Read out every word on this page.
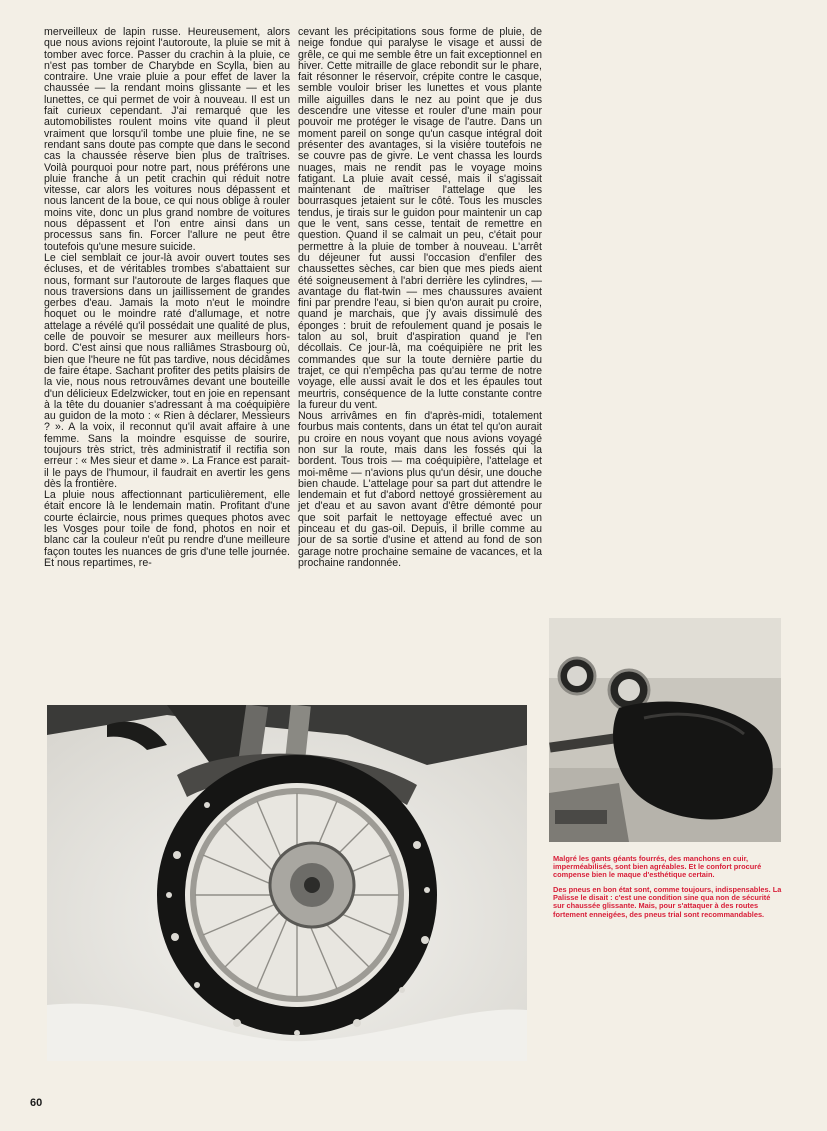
merveilleux de lapin russe. Heureusement, alors que nous avions rejoint l'autoroute, la pluie se mit à tomber avec force. Passer du crachin à la pluie, ce n'est pas tomber de Charybde en Scylla, bien au contraire. Une vraie pluie a pour effet de laver la chaussée — la rendant moins glissante — et les lunettes, ce qui permet de voir à nouveau. Il est un fait curieux cependant. J'ai remarqué que les automobilistes roulent moins vite quand il pleut vraiment que lorsqu'il tombe une pluie fine, ne se rendant sans doute pas compte que dans le second cas la chaussée réserve bien plus de traîtrises. Voilà pourquoi pour notre part, nous préférons une pluie franche à un petit crachin qui réduit notre vitesse, car alors les voitures nous dépassent et nous lancent de la boue, ce qui nous oblige à rouler moins vite, donc un plus grand nombre de voitures nous dépassent et l'on entre ainsi dans un processus sans fin. Forcer l'allure ne peut être toutefois qu'une mesure suicide.

Le ciel semblait ce jour-là avoir ouvert toutes ses écluses, et de véritables trombes s'abattaient sur nous, formant sur l'autoroute de larges flaques que nous traversions dans un jaillissement de grandes gerbes d'eau. Jamais la moto n'eut le moindre hoquet ou le moindre raté d'allumage, et notre attelage a révélé qu'il possédait une qualité de plus, celle de pouvoir se mesurer aux meilleurs hors-bord. C'est ainsi que nous ralliâmes Strasbourg où, bien que l'heure ne fût pas tardive, nous décidâmes de faire étape. Sachant profiter des petits plaisirs de la vie, nous nous retrouvâmes devant une bouteille d'un délicieux Edelzwicker, tout en joie en repensant à la tête du douanier s'adressant à ma coéquipière au guidon de la moto : « Rien à déclarer, Messieurs ? ». A la voix, il reconnut qu'il avait affaire à une femme. Sans la moindre esquisse de sourire, toujours très strict, très administratif il rectifia son erreur : « Mes sieur et dame ». La France est parait-il le pays de l'humour, il faudrait en avertir les gens dès la frontière.

La pluie nous affectionnant particulièrement, elle était encore là le lendemain matin. Profitant d'une courte éclaircie, nous primes queques photos avec les Vosges pour toile de fond, photos en noir et blanc car la couleur n'eût pu rendre d'une meilleure façon toutes les nuances de gris d'une telle journée. Et nous repartimes, re-

cevant les précipitations sous forme de pluie, de neige fondue qui paralyse le visage et aussi de grêle, ce qui me semble être un fait exceptionnel en hiver. Cette mitraille de glace rebondit sur le phare, fait résonner le réservoir, crépite contre le casque, semble vouloir briser les lunettes et vous plante mille aiguilles dans le nez au point que je dus descendre une vitesse et rouler d'une main pour pouvoir me protéger le visage de l'autre. Dans un moment pareil on songe qu'un casque intégral doit présenter des avantages, si la visière toutefois ne se couvre pas de givre. Le vent chassa les lourds nuages, mais ne rendit pas le voyage moins fatigant. La pluie avait cessé, mais il s'agissait maintenant de maîtriser l'attelage que les bourrasques jetaient sur le côté. Tous les muscles tendus, je tirais sur le guidon pour maintenir un cap que le vent, sans cesse, tentait de remettre en question. Quand il se calmait un peu, c'était pour permettre à la pluie de tomber à nouveau. L'arrêt du déjeuner fut aussi l'occasion d'enfiler des chaussettes sèches, car bien que mes pieds aient été soigneusement à l'abri derrière les cylindres, — avantage du flat-twin — mes chaussures avaient fini par prendre l'eau, si bien qu'on aurait pu croire, quand je marchais, que j'y avais dissimulé des éponges : bruit de refoulement quand je posais le talon au sol, bruit d'aspiration quand je l'en décollais. Ce jour-là, ma coéquipière ne prit les commandes que sur la toute dernière partie du trajet, ce qui n'empêcha pas qu'au terme de notre voyage, elle aussi avait le dos et les épaules tout meurtris, conséquence de la lutte constante contre la fureur du vent.

Nous arrivâmes en fin d'après-midi, totalement fourbus mais contents, dans un état tel qu'on aurait pu croire en nous voyant que nous avions voyagé non sur la route, mais dans les fossés qui la bordent. Tous trois — ma coéquipière, l'attelage et moi-même — n'avions plus qu'un désir, une douche bien chaude. L'attelage pour sa part dut attendre le lendemain et fut d'abord nettoyé grossièrement au jet d'eau et au savon avant d'être démonté pour que soit parfait le nettoyage effectué avec un pinceau et du gas-oil. Depuis, il brille comme au jour de sa sortie d'usine et attend au fond de son garage notre prochaine semaine de vacances, et la prochaine randonnée.

Malgré les gants géants fourrés, des manchons en cuir, imperméabilisés, sont bien agréables. Et le confort procuré compense bien le maque d'esthétique certain.

Des pneus en bon état sont, comme toujours, indispensables. La Palisse le disait : c'est une condition sine qua non de sécurité sur chaussée glissante. Mais, pour s'attaquer à des routes fortement enneigées, des pneus trial sont recommandables.

60
